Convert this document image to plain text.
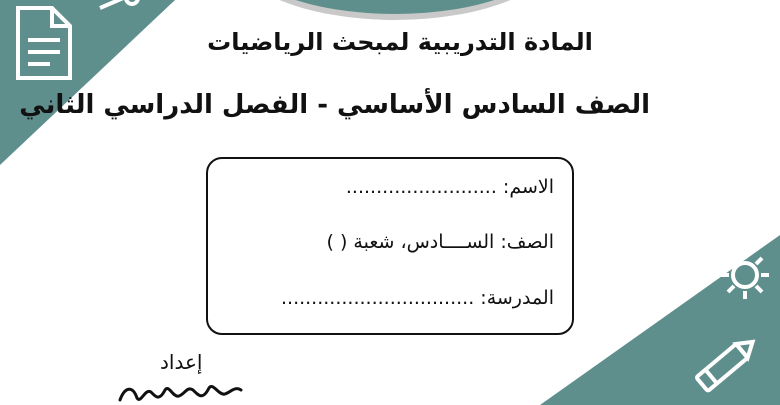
المادة التدريبية لمبحث الرياضيات
الصف السادس الأساسي - الفصل الدراسي الثاني
الاسم: .........................
الصف: الســــادس، شعبة ( )
المدرسة: ................................
إعداد
